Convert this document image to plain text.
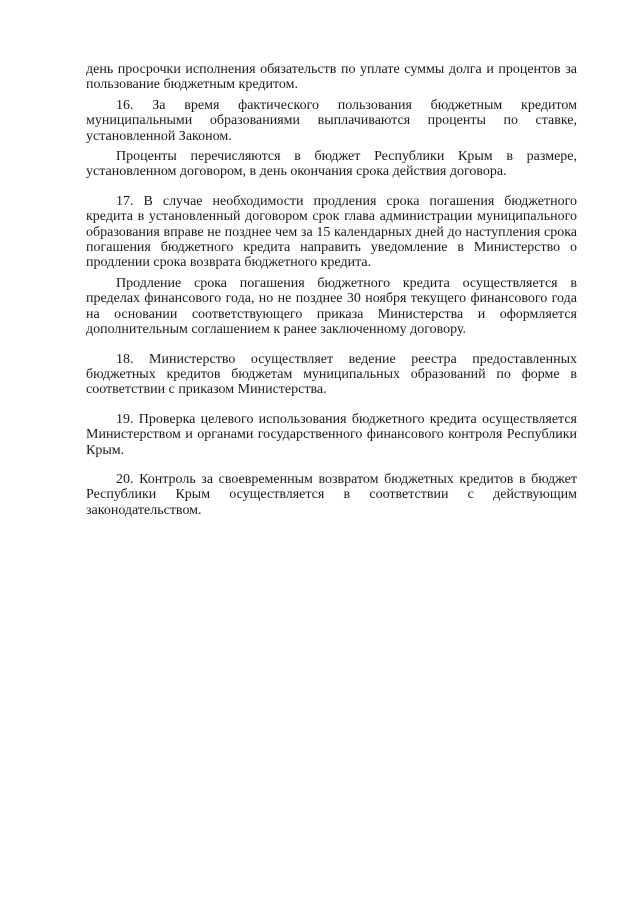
день просрочки исполнения обязательств по уплате суммы долга и процентов за пользование бюджетным кредитом.

16. За время фактического пользования бюджетным кредитом муниципальными образованиями выплачиваются проценты по ставке, установленной Законом.

Проценты перечисляются в бюджет Республики Крым в размере, установленном договором, в день окончания срока действия договора.

17. В случае необходимости продления срока погашения бюджетного кредита в установленный договором срок глава администрации муниципального образования вправе не позднее чем за 15 календарных дней до наступления срока погашения бюджетного кредита направить уведомление в Министерство о продлении срока возврата бюджетного кредита.

Продление срока погашения бюджетного кредита осуществляется в пределах финансового года, но не позднее 30 ноября текущего финансового года на основании соответствующего приказа Министерства и оформляется дополнительным соглашением к ранее заключенному договору.

18. Министерство осуществляет ведение реестра предоставленных бюджетных кредитов бюджетам муниципальных образований по форме в соответствии с приказом Министерства.

19. Проверка целевого использования бюджетного кредита осуществляется Министерством и органами государственного финансового контроля Республики Крым.

20. Контроль за своевременным возвратом бюджетных кредитов в бюджет Республики Крым осуществляется в соответствии с действующим законодательством.
